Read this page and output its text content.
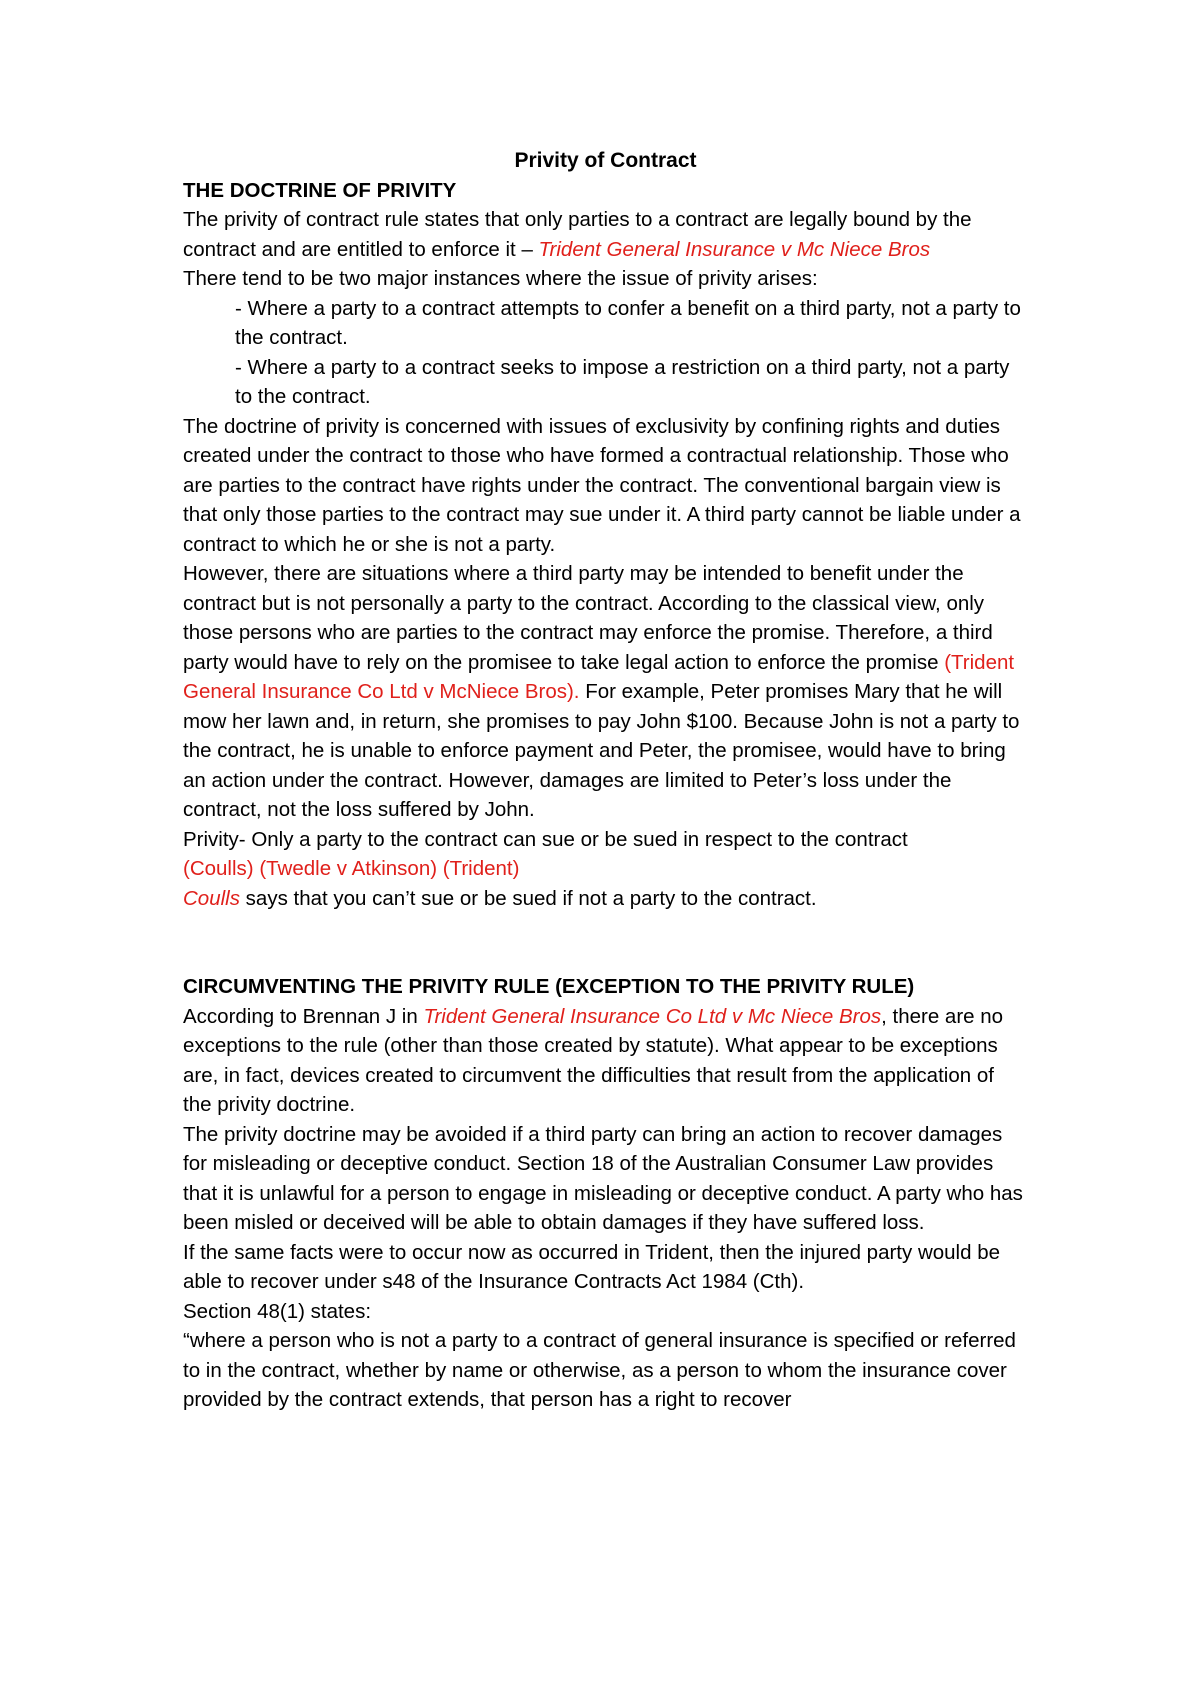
Privity of Contract

THE DOCTRINE OF PRIVITY

The privity of contract rule states that only parties to a contract are legally bound by the contract and are entitled to enforce it – Trident General Insurance v Mc Niece Bros

There tend to be two major instances where the issue of privity arises:

- Where a party to a contract attempts to confer a benefit on a third party, not a party to the contract.

- Where a party to a contract seeks to impose a restriction on a third party, not a party to the contract.

The doctrine of privity is concerned with issues of exclusivity by confining rights and duties created under the contract to those who have formed a contractual relationship. Those who are parties to the contract have rights under the contract. The conventional bargain view is that only those parties to the contract may sue under it. A third party cannot be liable under a contract to which he or she is not a party.

However, there are situations where a third party may be intended to benefit under the contract but is not personally a party to the contract. According to the classical view, only those persons who are parties to the contract may enforce the promise. Therefore, a third party would have to rely on the promisee to take legal action to enforce the promise (Trident General Insurance Co Ltd v McNiece Bros). For example, Peter promises Mary that he will mow her lawn and, in return, she promises to pay John $100. Because John is not a party to the contract, he is unable to enforce payment and Peter, the promisee, would have to bring an action under the contract. However, damages are limited to Peter’s loss under the contract, not the loss suffered by John.

Privity- Only a party to the contract can sue or be sued in respect to the contract
(Coulls) (Twedle v Atkinson) (Trident)

Coulls says that you can’t sue or be sued if not a party to the contract.

CIRCUMVENTING THE PRIVITY RULE (EXCEPTION TO THE PRIVITY RULE)

According to Brennan J in Trident General Insurance Co Ltd v Mc Niece Bros, there are no exceptions to the rule (other than those created by statute). What appear to be exceptions are, in fact, devices created to circumvent the difficulties that result from the application of the privity doctrine.

The privity doctrine may be avoided if a third party can bring an action to recover damages for misleading or deceptive conduct. Section 18 of the Australian Consumer Law provides that it is unlawful for a person to engage in misleading or deceptive conduct. A party who has been misled or deceived will be able to obtain damages if they have suffered loss.

If the same facts were to occur now as occurred in Trident, then the injured party would be able to recover under s48 of the Insurance Contracts Act 1984 (Cth).

Section 48(1) states:

“where a person who is not a party to a contract of general insurance is specified or referred to in the contract, whether by name or otherwise, as a person to whom the insurance cover provided by the contract extends, that person has a right to recover
